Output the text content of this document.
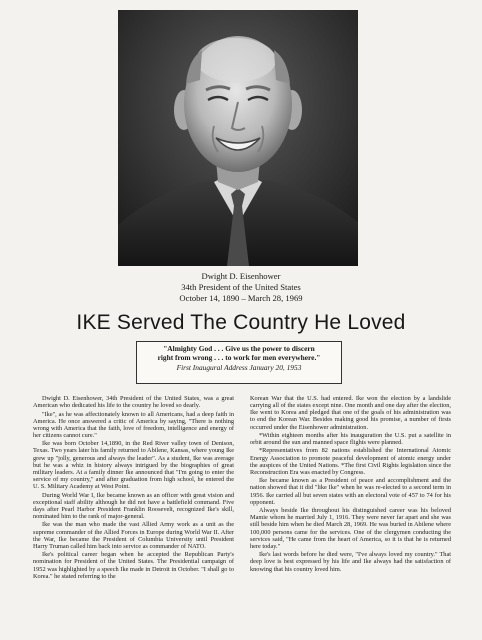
Dwight D. Eisenhower
34th President of the United States
October 14, 1890 – March 28, 1969
IKE Served The Country He Loved
"Almighty God . . . Give us the power to discern
right from wrong . . . to work for men everywhere."
First Inaugural Address January 20, 1953

Dwight D. Eisenhower, 34th President of the United States, was a great American who dedicated his life to the country he loved so dearly.

"Ike", as he was affectionately known to all Americans, had a deep faith in America. He once answered a critic of America by saying, "There is nothing wrong with America that the faith, love of freedom, intelligence and energy of her citizens cannot cure."

Ike was born October 14,1890, in the Red River valley town of Denison, Texas. Two years later his family returned to Abilene, Kansas, where young Ike grew up "jolly, generous and always the leader". As a student, Ike was average but he was a whiz in history always intrigued by the biographies of great military leaders. At a family dinner Ike announced that "I'm going to enter the service of my country," and after graduation from high school, he entered the U. S. Military Academy at West Point.

During World War I, Ike became known as an officer with great vision and exceptional staff ability although he did not have a battlefield command. Five days after Pearl Harbor President Franklin Roosevelt, recognized Ike's skill, nominated him to the rank of major-general.

Ike was the man who made the vast Allied Army work as a unit as the supreme commander of the Allied Forces in Europe during World War II. After the War, Ike became the President of Columbia University until President Harry Truman called him back into service as commander of NATO.

Ike's political career began when he accepted the Republican Party's nomination for President of the United States. The Presidential campaign of 1952 was highlighted by a speech Ike made in Detroit in October. "I shall go to Korea." he stated referring to the

Korean War that the U.S. had entered. Ike won the election by a landslide carrying all of the states except nine. One month and one day after the election, Ike went to Korea and pledged that one of the goals of his administration was to end the Korean War. Besides making good his promise, a number of firsts occurred under the Eisenhower administration.

*Within eighteen months after his inauguration the U.S. put a satellite in orbit around the sun and manned space flights were planned.

*Representatives from 82 nations established the International Atomic Energy Association to promote peaceful development of atomic energy under the auspices of the United Nations. *The first Civil Rights legislation since the Reconstruction Era was enacted by Congress.

Ike became known as a President of peace and accomplishment and the nation showed that it did "like Ike" when he was re-elected to a second term in 1956. Ike carried all but seven states with an electoral vote of 457 to 74 for his opponent.

Always beside Ike throughout his distinguished career was his beloved Mamie whom he married July 1, 1916. They were never far apart and she was still beside him when he died March 28, 1969. He was buried in Abilene where 100,000 persons came for the services. One of the clergymen conducting the services said, "He came from the heart of America, so it is that he is returned here today."

Ike's last words before he died were, "I've always loved my country." That deep love is best expressed by his life and Ike always had the satisfaction of knowing that his country loved him.
